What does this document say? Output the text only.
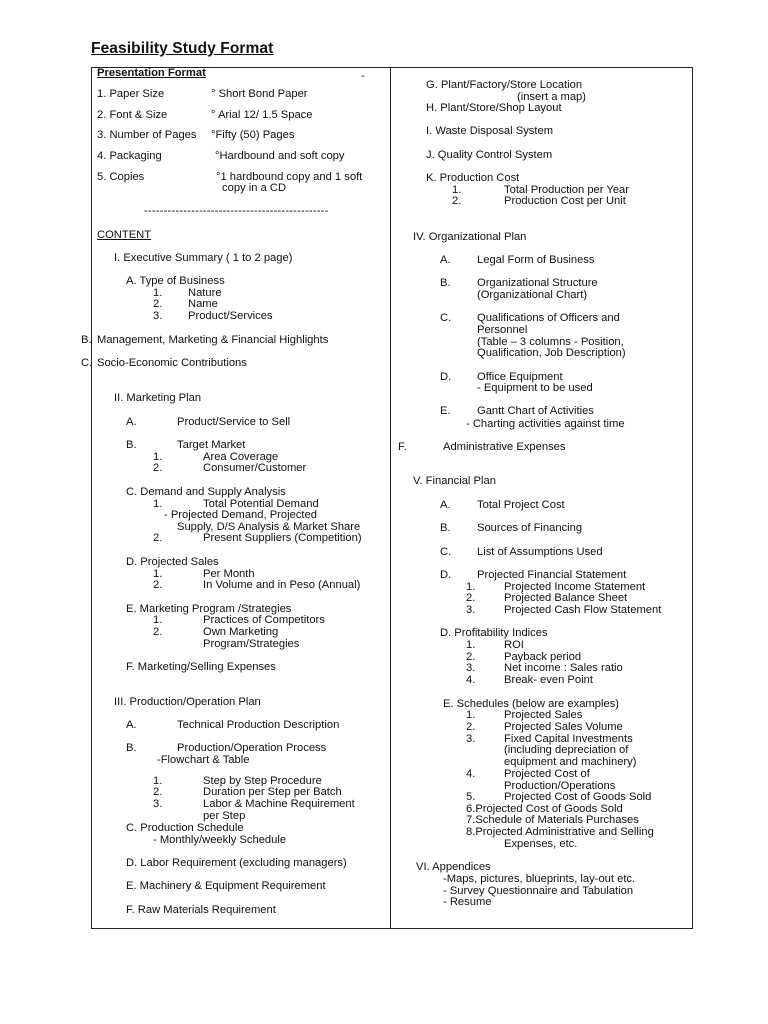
Feasibility Study Format
Presentation Format	-
1. Paper Size	° Short Bond Paper
2. Font & Size	° Arial 12/ 1.5 Space
3. Number of Pages °Fifty (50) Pages
4. Packaging	°Hardbound and soft copy
5. Copies	°1 hardbound copy and 1 soft
copy in a CD
-----------------------------------------------
CONTENT
I. Executive Summary ( 1 to 2 page)
A. Type of Business
1. Nature
2. Name
3. Product/Services
B. Management, Marketing & Financial Highlights
C. Socio-Economic Contributions
II. Marketing Plan
A.	Product/Service to Sell
B.	Target Market
1.	Area Coverage
2.	Consumer/Customer
C. Demand and Supply Analysis
1.	Total Potential Demand
- Projected Demand, Projected
Supply, D/S Analysis & Market Share
2.	Present Suppliers (Competition)
D. Projected Sales
1.	Per Month
2.	In Volume and in Peso (Annual)
E. Marketing Program /Strategies
1.	Practices of Competitors
2.	Own Marketing
Program/Strategies
F. Marketing/Selling Expenses
III. Production/Operation Plan
A.	Technical Production Description
B.	Production/Operation Process
-Flowchart & Table
1.	Step by Step Procedure
2.	Duration per Step per Batch
3.	Labor & Machine Requirement
per Step
C. Production Schedule
- Monthly/weekly Schedule
D. Labor Requirement (excluding managers)
E. Machinery & Equipment Requirement
F. Raw Materials Requirement
G. Plant/Factory/Store Location
(insert a map)
H. Plant/Store/Shop Layout
I. Waste Disposal System
J. Quality Control System
K. Production Cost
1.	Total Production per Year
2.	Production Cost per Unit
IV. Organizational Plan
A. Legal Form of Business
B. Organizational Structure
(Organizational Chart)
C. Qualifications of Officers and
Personnel
(Table – 3 columns - Position,
Qualification, Job Description)
D. Office Equipment
- Equipment to be used
E. Gantt Chart of Activities
- Charting activities against time
F.	Administrative Expenses
V. Financial Plan
A. Total Project Cost
B. Sources of Financing
C. List of Assumptions Used
D. Projected Financial Statement
1.	Projected Income Statement
2.	Projected Balance Sheet
3.	Projected Cash Flow Statement
D. Profitability Indices
1.	ROI
2.	Payback period
3.	Net income : Sales ratio
4.	Break- even Point
E. Schedules (below are examples)
1.	Projected Sales
2.	Projected Sales Volume
3.	Fixed Capital Investments
(including depreciation of
equipment and machinery)
4.	Projected Cost of
Production/Operations
5.	Projected Cost of Goods Sold
6.Projected Cost of Goods Sold
7.Schedule of Materials Purchases
8.Projected Administrative and Selling
Expenses, etc.
VI. Appendices
-Maps, pictures, blueprints, lay-out etc.
- Survey Questionnaire and Tabulation
- Resume
